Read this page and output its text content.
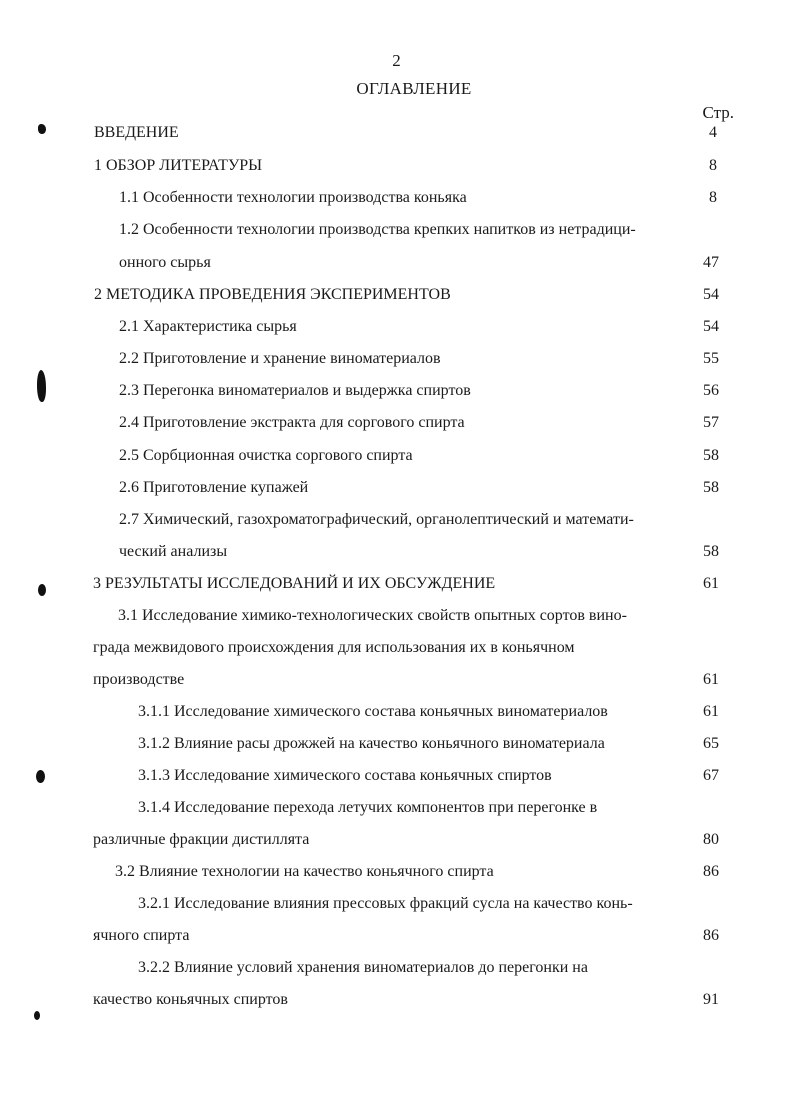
2
ОГЛАВЛЕНИЕ
Стр.
ВВЕДЕНИЕ	4
1 ОБЗОР ЛИТЕРАТУРЫ	8
1.1 Особенности технологии производства коньяка	8
1.2 Особенности технологии производства крепких напитков из нетрадици-
онного сырья	47
2 МЕТОДИКА ПРОВЕДЕНИЯ ЭКСПЕРИМЕНТОВ	54
2.1 Характеристика сырья	54
2.2 Приготовление и хранение виноматериалов	55
2.3 Перегонка виноматериалов и выдержка спиртов	56
2.4 Приготовление экстракта для соргового спирта	57
2.5 Сорбционная очистка соргового спирта	58
2.6 Приготовление купажей	58
2.7 Химический, газохроматографический, органолептический и математи-
ческий анализы	58
3 РЕЗУЛЬТАТЫ ИССЛЕДОВАНИЙ И ИХ ОБСУЖДЕНИЕ	61
3.1 Исследование химико-технологических свойств опытных сортов вино-
града межвидового происхождения для использования их в коньячном
производстве	61
3.1.1 Исследование химического состава коньячных виноматериалов	61
3.1.2 Влияние расы дрожжей на качество коньячного виноматериала	65
3.1.3 Исследование химического состава коньячных спиртов	67
3.1.4 Исследование перехода летучих компонентов при перегонке в
различные фракции дистиллята	80
3.2 Влияние технологии на качество коньячного спирта	86
3.2.1 Исследование влияния прессовых фракций сусла на качество конь-
ячного спирта	86
3.2.2 Влияние условий хранения виноматериалов до перегонки на
качество коньячных спиртов	91
